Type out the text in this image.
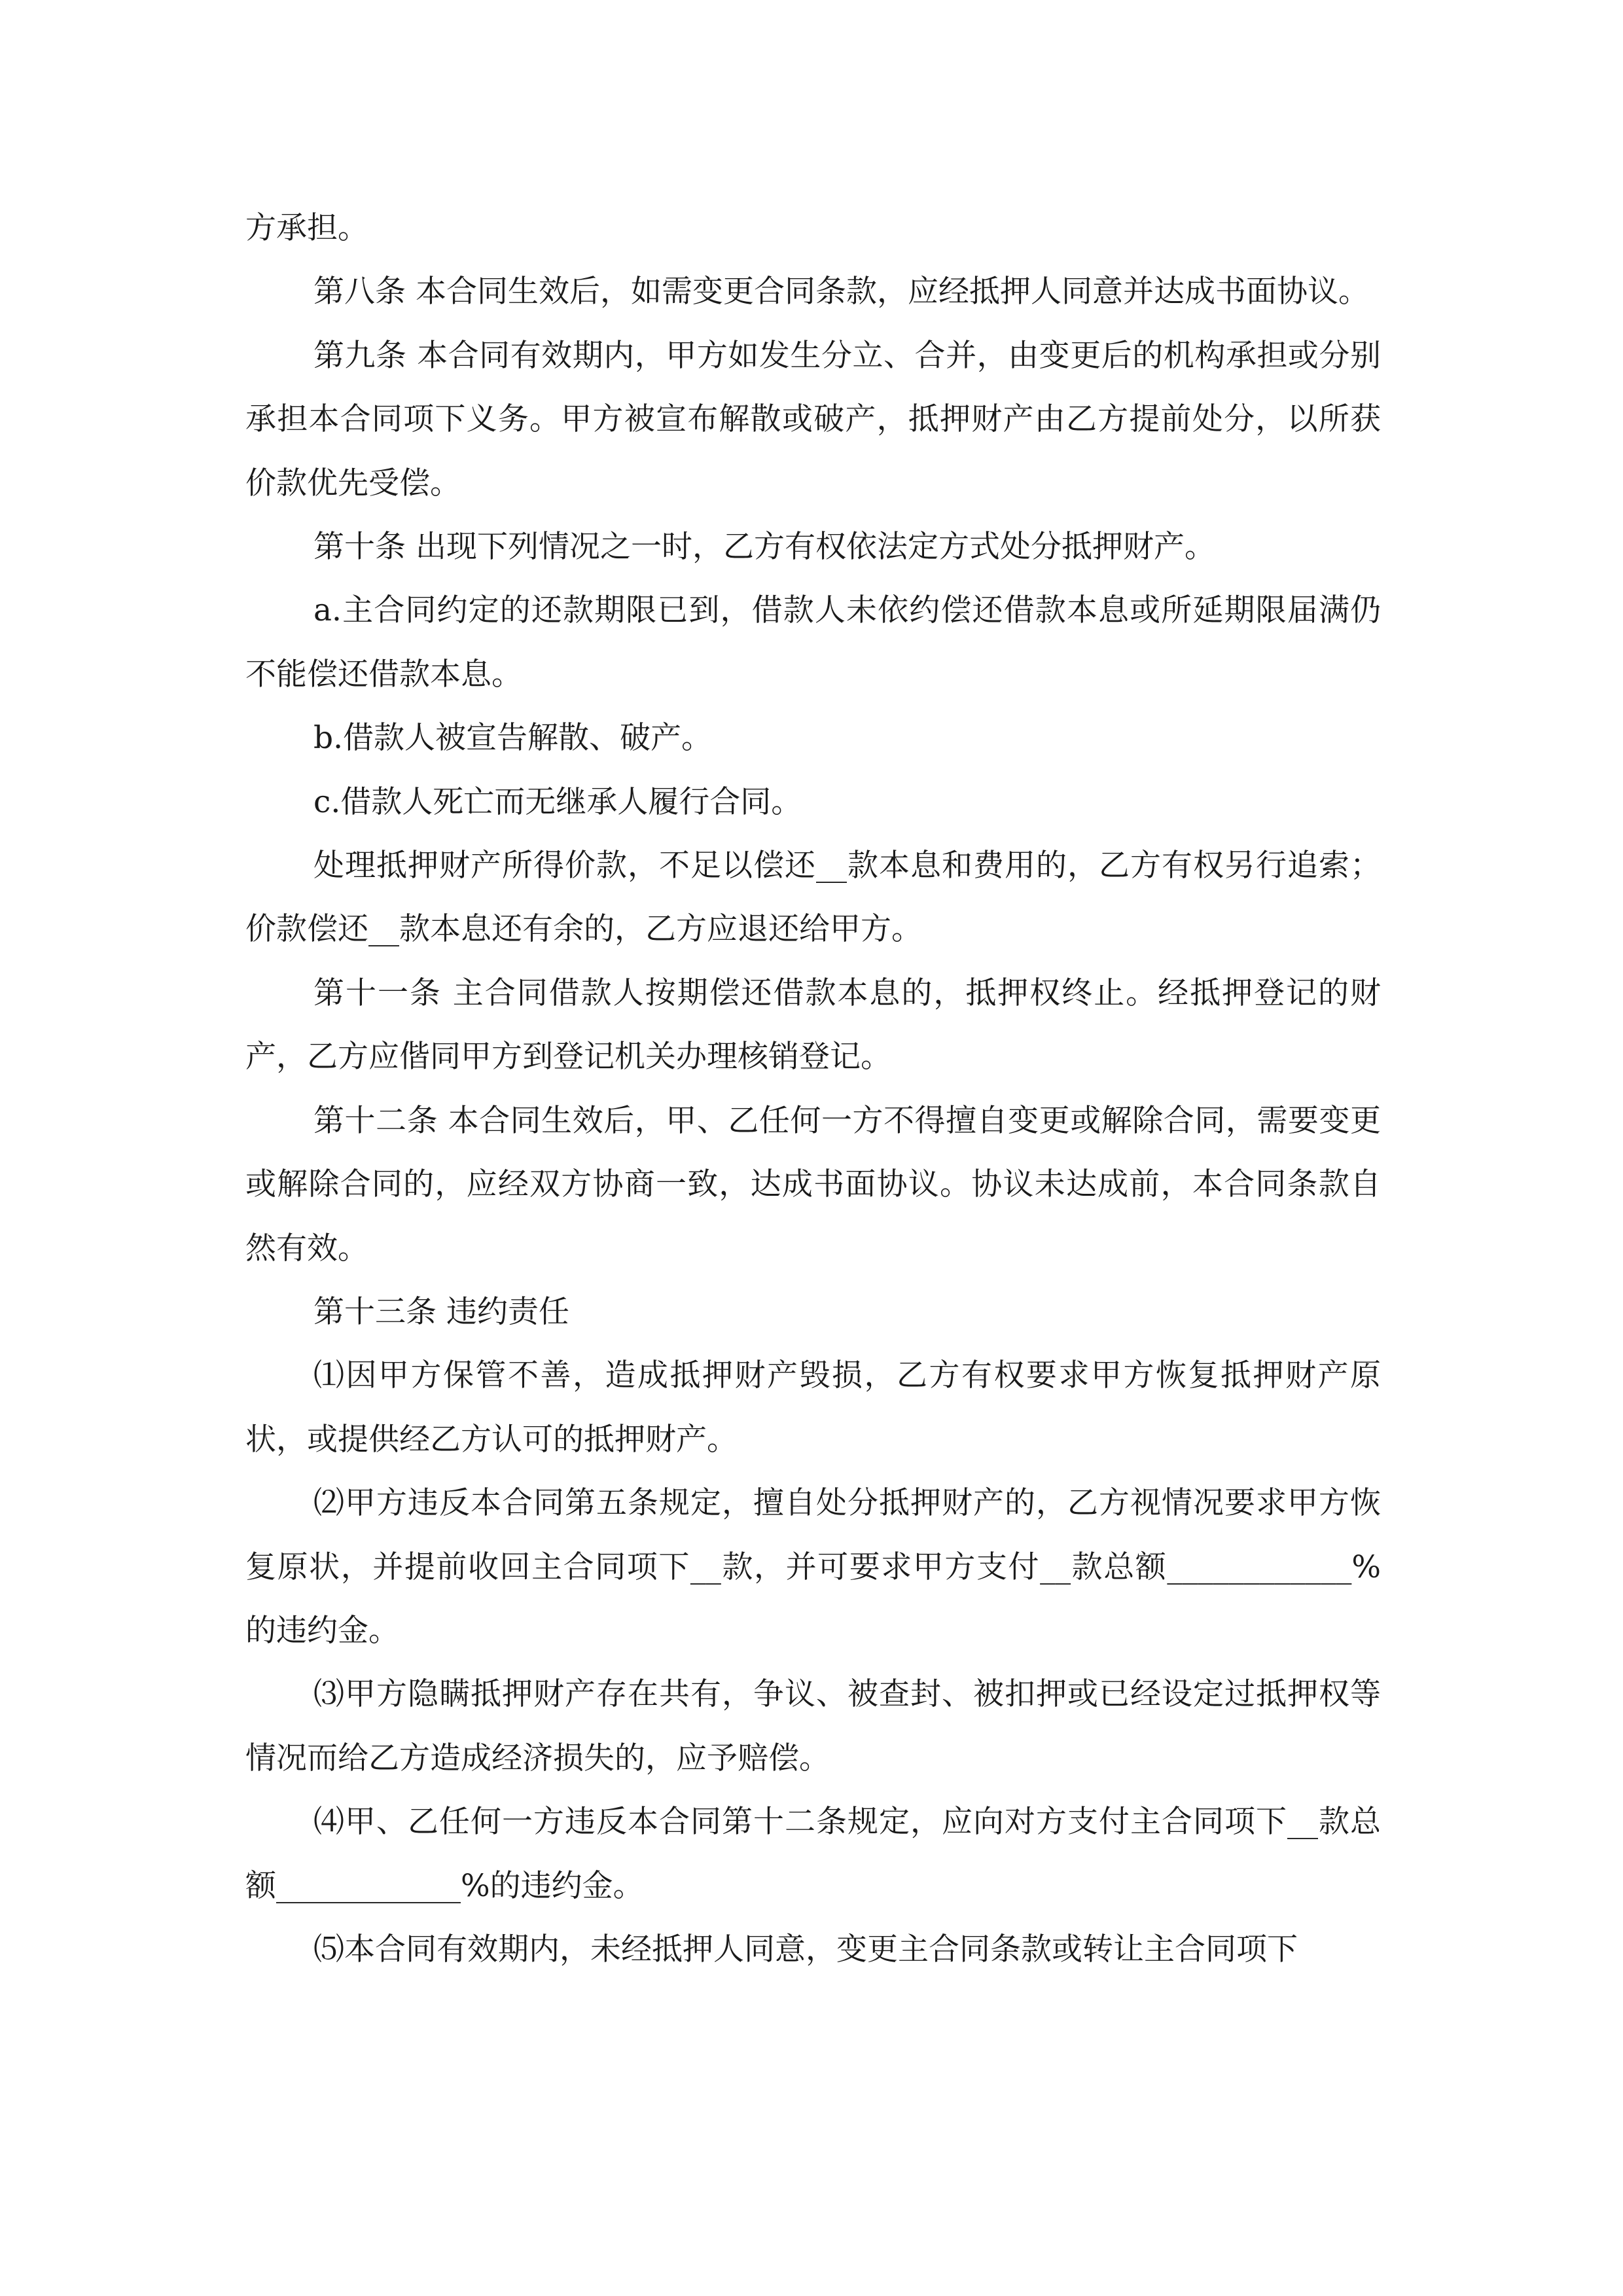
方承担。

第八条 本合同生效后，如需变更合同条款，应经抵押人同意并达成书面协议。

第九条 本合同有效期内，甲方如发生分立、合并，由变更后的机构承担或分别承担本合同项下义务。甲方被宣布解散或破产，抵押财产由乙方提前处分，以所获价款优先受偿。

第十条 出现下列情况之一时，乙方有权依法定方式处分抵押财产。

a.主合同约定的还款期限已到，借款人未依约偿还借款本息或所延期限届满仍不能偿还借款本息。

b.借款人被宣告解散、破产。

c.借款人死亡而无继承人履行合同。

处理抵押财产所得价款，不足以偿还__款本息和费用的，乙方有权另行追索；价款偿还__款本息还有余的，乙方应退还给甲方。

第十一条 主合同借款人按期偿还借款本息的，抵押权终止。经抵押登记的财产，乙方应偕同甲方到登记机关办理核销登记。

第十二条 本合同生效后，甲、乙任何一方不得擅自变更或解除合同，需要变更或解除合同的，应经双方协商一致，达成书面协议。协议未达成前，本合同条款自然有效。

第十三条 违约责任

⑴因甲方保管不善，造成抵押财产毁损，乙方有权要求甲方恢复抵押财产原状，或提供经乙方认可的抵押财产。

⑵甲方违反本合同第五条规定，擅自处分抵押财产的，乙方视情况要求甲方恢复原状，并提前收回主合同项下__款，并可要求甲方支付__款总额____________%的违约金。

⑶甲方隐瞒抵押财产存在共有，争议、被查封、被扣押或已经设定过抵押权等情况而给乙方造成经济损失的，应予赔偿。

⑷甲、乙任何一方违反本合同第十二条规定，应向对方支付主合同项下__款总额____________%的违约金。

⑸本合同有效期内，未经抵押人同意，变更主合同条款或转让主合同项下
